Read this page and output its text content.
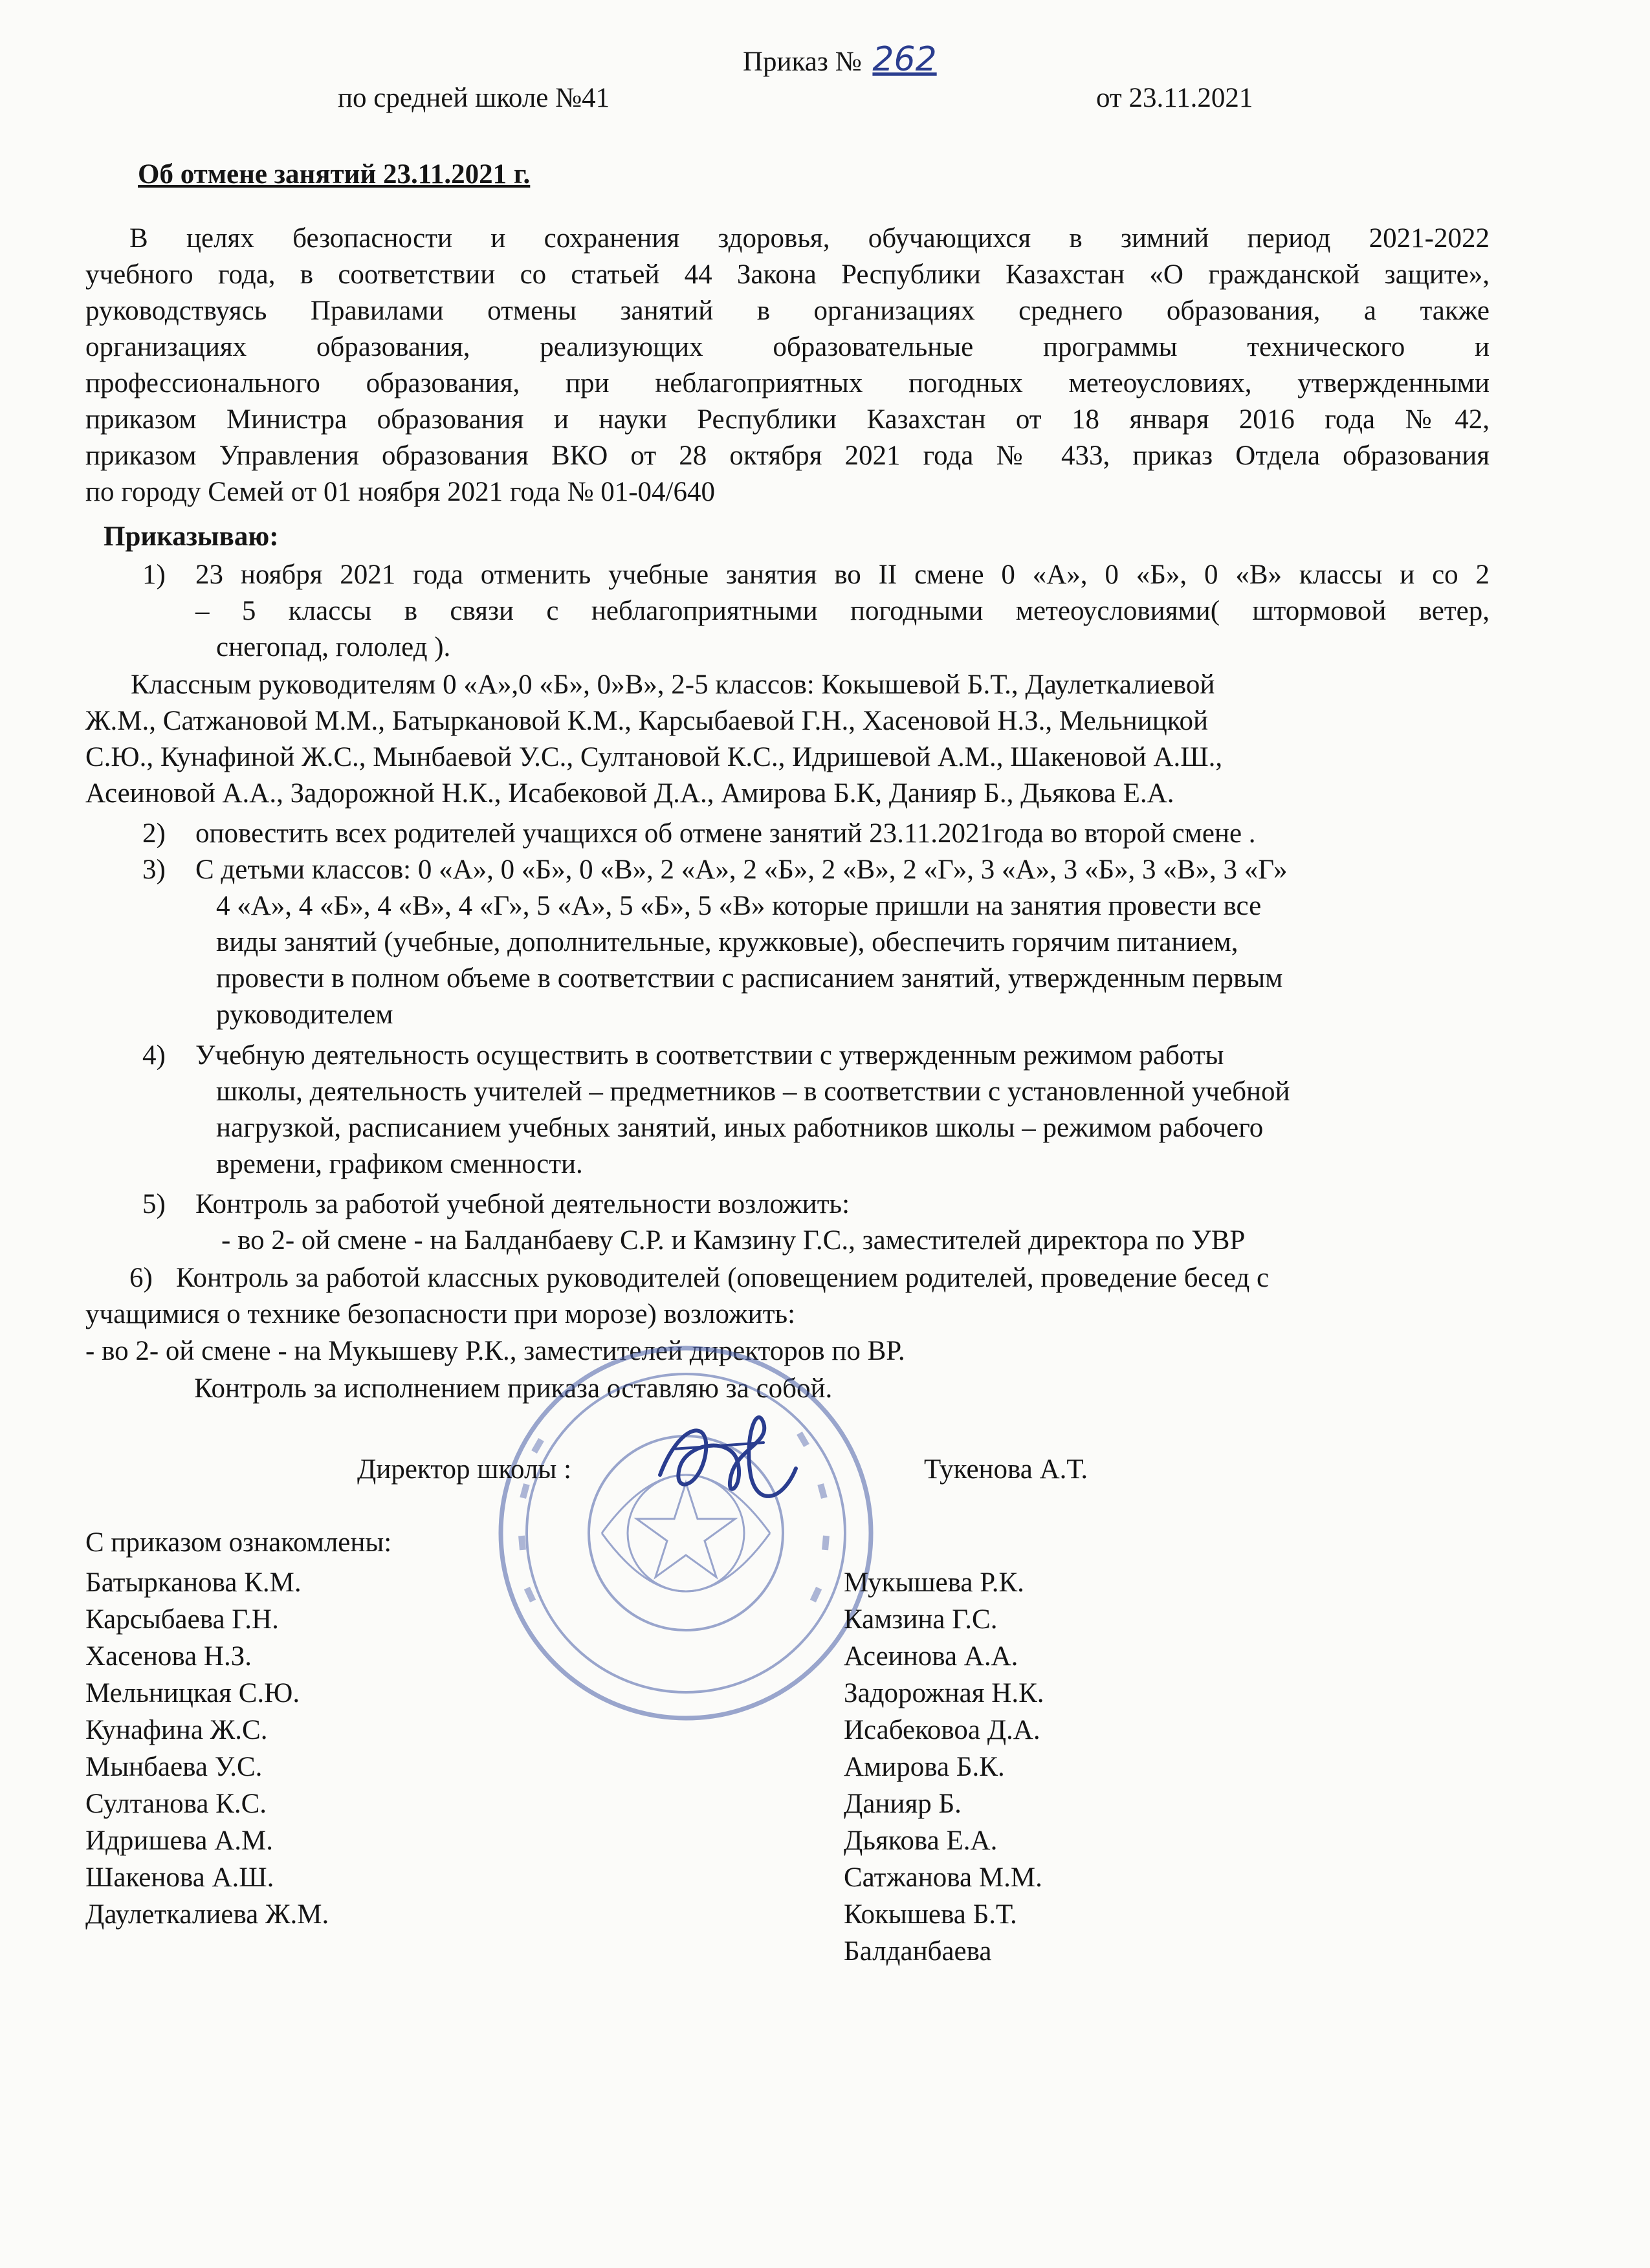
Приказ № 262
по средней школе №41	от 23.11.2021
Об отмене занятий 23.11.2021 г.
В целях безопасности и сохранения здоровья, обучающихся в зимний период 2021-2022
учебного года, в соответствии со статьей 44 Закона Республики Казахстан «О гражданской защите»,
руководствуясь Правилами отмены занятий в организациях среднего образования, а также
организациях образования, реализующих образовательные программы технического и
профессионального образования, при неблагоприятных погодных метеоусловиях, утвержденными
приказом Министра образования и науки Республики Казахстан от 18 января 2016 года №42,
приказом Управления образования ВКО от 28 октября 2021 года № 433, приказ Отдела образования
по городу Семей от 01 ноября 2021 года № 01-04/640
Приказываю:
1) 23 ноября 2021 года отменить учебные занятия во II смене 0 «А», 0 «Б», 0 «В» классы и со 2
– 5 классы в связи с неблагоприятными погодными метеоусловиями( штормовой ветер,
снегопад, гололед ).
Классным руководителям 0 «А»,0 «Б», 0»В», 2-5 классов: Кокышевой Б.Т., Даулеткалиевой
Ж.М., Сатжановой М.М., Батыркановой К.М., Карсыбаевой Г.Н., Хасеновой Н.З., Мельницкой
С.Ю., Кунафиной Ж.С., Мынбаевой У.С., Султановой К.С., Идришевой А.М., Шакеновой А.Ш.,
Асеиновой А.А., Задорожной Н.К., Исабековой Д.А., Амирова Б.К, Данияр Б., Дьякова Е.А.
2) оповестить всех родителей учащихся об отмене занятий 23.11.2021года во второй смене .
3) С детьми классов: 0 «А», 0 «Б», 0 «В», 2 «А», 2 «Б», 2 «В», 2 «Г», 3 «А», 3 «Б», 3 «В», 3 «Г»
4 «А», 4 «Б», 4 «В», 4 «Г», 5 «А», 5 «Б», 5 «В» которые пришли на занятия провести все
виды занятий (учебные, дополнительные, кружковые), обеспечить горячим питанием,
провести в полном объеме в соответствии с расписанием занятий, утвержденным первым
руководителем
4) Учебную деятельность осуществить в соответствии с утвержденным режимом работы
школы, деятельность учителей – предметников – в соответствии с установленной учебной
нагрузкой, расписанием учебных занятий, иных работников школы – режимом рабочего
времени, графиком сменности.
5) Контроль за работой учебной деятельности возложить:
- во 2- ой смене - на Балданбаеву С.Р. и Камзину Г.С., заместителей директора по УВР
6) Контроль за работой классных руководителей (оповещением родителей, проведение бесед с
учащимися о технике безопасности при морозе) возложить:
- во 2- ой смене - на Мукышеву Р.К., заместителей директоров по ВР.
Контроль за исполнением приказа оставляю за собой.
Директор школы :	Тукенова А.Т.
С приказом ознакомлены:
Батырканова К.М.
Карсыбаева Г.Н.
Хасенова Н.З.
Мельницкая С.Ю.
Кунафина Ж.С.
Мынбаева У.С.
Султанова К.С.
Идришева А.М.
Шакенова А.Ш.
Даулеткалиева Ж.М.
Мукышева Р.К.
Камзина Г.С.
Асеинова А.А.
Задорожная Н.К.
Исабековоа Д.А.
Амирова Б.К.
Данияр Б.
Дьякова Е.А.
Сатжанова М.М.
Кокышева Б.Т.
Балданбаева
